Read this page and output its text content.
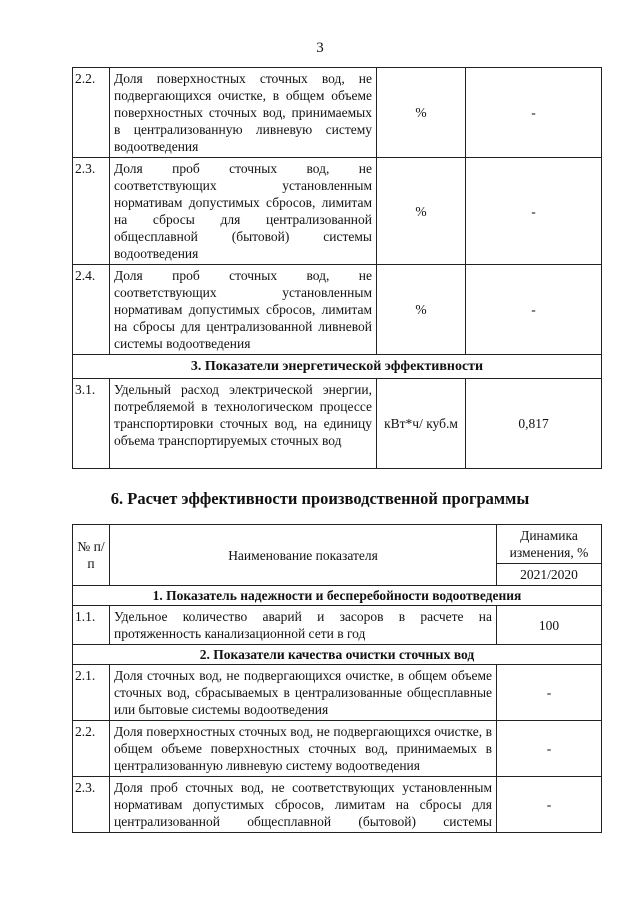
3
2.2.	Доля поверхностных сточных вод, не подвергающихся очистке, в общем объеме поверхностных сточных вод, принимаемых в централизованную ливневую систему водоотведения	%	-
2.3.	Доля проб сточных вод, не соответствующих установленным нормативам допустимых сбросов, лимитам на сбросы для централизованной общесплавной (бытовой) системы водоотведения	%	-
2.4.	Доля проб сточных вод, не соответствующих установленным нормативам допустимых сбросов, лимитам на сбросы для централизованной ливневой системы водоотведения	%	-
3. Показатели энергетической эффективности			
3.1.	Удельный расход электрической энергии, потребляемой в технологическом процессе транспортировки сточных вод, на единицу объема транспортируемых сточных вод	кВт*ч/ куб.м	0,817
6. Расчет эффективности производственной программы
№ п/п	Наименование показателя	Динамика изменения, %
		2021/2020
1. Показатель надежности и бесперебойности водоотведения		
1.1.	Удельное количество аварий и засоров в расчете на протяженность канализационной сети в год	100
2. Показатели качества очистки сточных вод		
2.1.	Доля сточных вод, не подвергающихся очистке, в общем объеме сточных вод, сбрасываемых в централизованные общесплавные или бытовые системы водоотведения	-
2.2.	Доля поверхностных сточных вод, не подвергающихся очистке, в общем объеме поверхностных сточных вод, принимаемых в централизованную ливневую систему водоотведения	-
2.3.	Доля проб сточных вод, не соответствующих установленным нормативам допустимых сбросов, лимитам на сбросы для централизованной общесплавной (бытовой) системы	-
